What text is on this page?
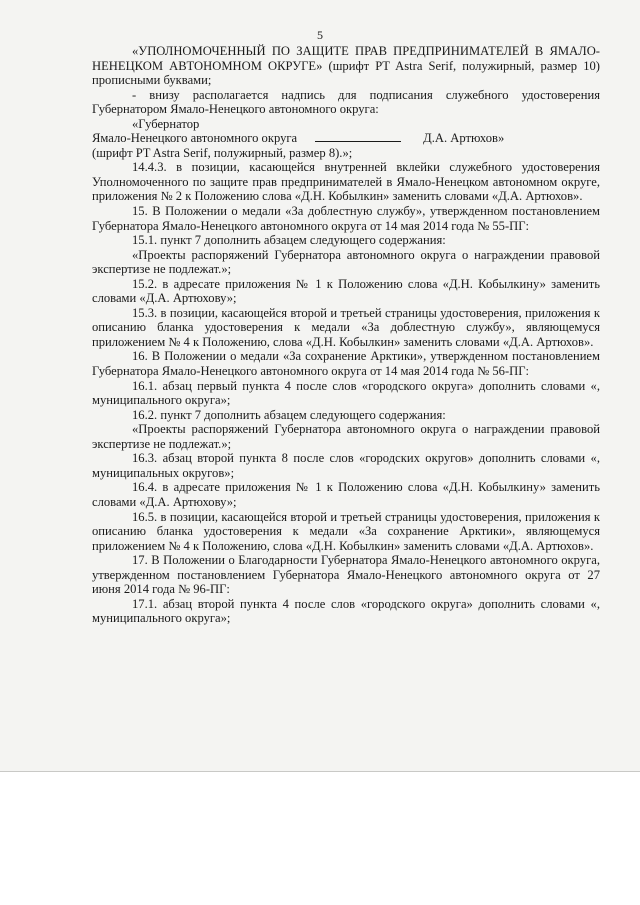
5

«УПОЛНОМОЧЕННЫЙ ПО ЗАЩИТЕ ПРАВ ПРЕДПРИНИМАТЕЛЕЙ В ЯМАЛО-НЕНЕЦКОМ АВТОНОМНОМ ОКРУГЕ» (шрифт PT Astra Serif, полужирный, размер 10) прописными буквами;

- внизу располагается надпись для подписания служебного удостоверения Губернатором Ямало-Ненецкого автономного округа:

«Губернатор

Ямало-Ненецкого автономного округа	Д.А. Артюхов»

(шрифт PT Astra Serif, полужирный, размер 8).»;

14.4.3. в позиции, касающейся внутренней вклейки служебного удостоверения Уполномоченного по защите прав предпринимателей в Ямало-Ненецком автономном округе, приложения № 2 к Положению слова «Д.Н. Кобылкин» заменить словами «Д.А. Артюхов».

15. В Положении о медали «За доблестную службу», утвержденном постановлением Губернатора Ямало-Ненецкого автономного округа от 14 мая 2014 года № 55-ПГ:

15.1. пункт 7 дополнить абзацем следующего содержания:

«Проекты распоряжений Губернатора автономного округа о награждении правовой экспертизе не подлежат.»;

15.2. в адресате приложения № 1 к Положению слова «Д.Н. Кобылкину» заменить словами «Д.А. Артюхову»;

15.3. в позиции, касающейся второй и третьей страницы удостоверения, приложения к описанию бланка удостоверения к медали «За доблестную службу», являющемуся приложением № 4 к Положению, слова «Д.Н. Кобылкин» заменить словами «Д.А. Артюхов».

16. В Положении о медали «За сохранение Арктики», утвержденном постановлением Губернатора Ямало-Ненецкого автономного округа от 14 мая 2014 года № 56-ПГ:

16.1. абзац первый пункта 4 после слов «городского округа» дополнить словами «, муниципального округа»;

16.2. пункт 7 дополнить абзацем следующего содержания:

«Проекты распоряжений Губернатора автономного округа о награждении правовой экспертизе не подлежат.»;

16.3. абзац второй пункта 8 после слов «городских округов» дополнить словами «, муниципальных округов»;

16.4. в адресате приложения № 1 к Положению слова «Д.Н. Кобылкину» заменить словами «Д.А. Артюхову»;

16.5. в позиции, касающейся второй и третьей страницы удостоверения, приложения к описанию бланка удостоверения к медали «За сохранение Арктики», являющемуся приложением № 4 к Положению, слова «Д.Н. Кобылкин» заменить словами «Д.А. Артюхов».

17. В Положении о Благодарности Губернатора Ямало-Ненецкого автономного округа, утвержденном постановлением Губернатора Ямало-Ненецкого автономного округа от 27 июня 2014 года № 96-ПГ:

17.1. абзац второй пункта 4 после слов «городского округа» дополнить словами «, муниципального округа»;
